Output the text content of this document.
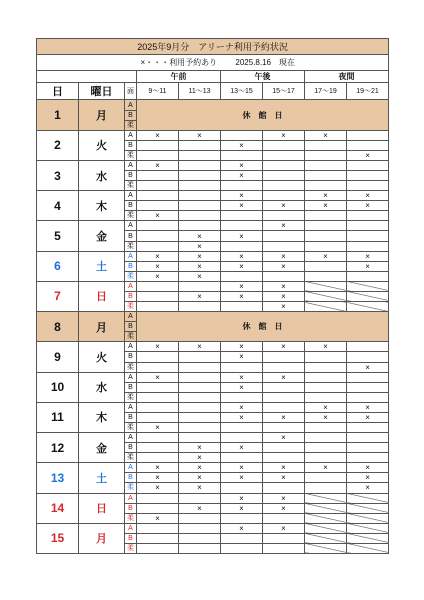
2025年9月分　アリーナ利用予約状況								
			×・・・利用予約あり 2025.8.16　現在					
			午前		午後		夜間	
日	曜日	面	9〜11	11〜13	13〜15	15〜17	17〜19	19〜21
1	月	A	休　館　日					
		B						
		柔						
2	火	A	×	×		×	×	
		B			×			
		柔						×
3	水	A	×		×			
		B			×			
		柔						
4	木	A			×		×	×
		B			×	×	×	×
		柔	×					
5	金	A				×		
		B		×	×			
		柔		×				
6	土	A	×	×	×	×	×	×
		B	×	×	×	×		×
		柔	×	×				
7	日	A			×	×		
		B		×	×	×		
		柔				×		
8	月	A	休　館　日					
		B						
		柔						
9	火	A	×	×	×	×	×	
		B			×			
		柔						×
10	水	A	×		×	×		
		B			×			
		柔						
11	木	A			×		×	×
		B			×	×	×	×
		柔	×					
12	金	A				×		
		B		×	×			
		柔		×				
13	土	A	×	×	×	×	×	×
		B	×	×	×	×		×
		柔	×	×				×
14	日	A			×	×		
		B		×	×	×		
		柔	×					
15	月	A			×	×		
		B						
		柔						
